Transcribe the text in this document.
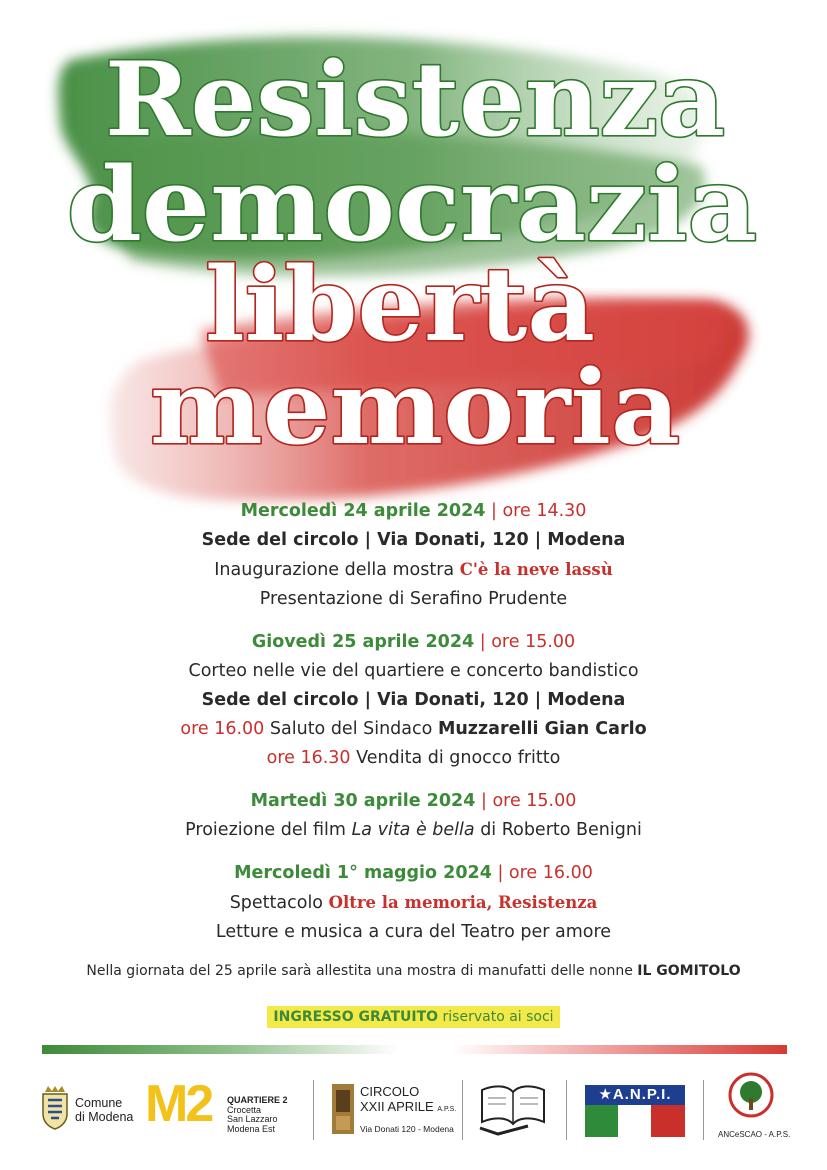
Resistenza
democrazia
libertà
memoria
Mercoledì 24 aprile 2024 | ore 14.30
Sede del circolo | Via Donati, 120 | Modena
Inaugurazione della mostra C'è la neve lassù
Presentazione di Serafino Prudente
Giovedì 25 aprile 2024 | ore 15.00
Corteo nelle vie del quartiere e concerto bandistico
Sede del circolo | Via Donati, 120 | Modena
ore 16.00 Saluto del Sindaco Muzzarelli Gian Carlo
ore 16.30 Vendita di gnocco fritto
Martedì 30 aprile 2024 | ore 15.00
Proiezione del film La vita è bella di Roberto Benigni
Mercoledì 1° maggio 2024 | ore 16.00
Spettacolo Oltre la memoria, Resistenza
Letture e musica a cura del Teatro per amore
Nella giornata del 25 aprile sarà allestita una mostra di manufatti delle nonne IL GOMITOLO
INGRESSO GRATUITO riservato ai soci
Comune
di Modena M2 QUARTIERE 2
Crocetta
San Lazzaro
Modena Est
CIRCOLO
XXII APRILE A.P.S.
Via Donati 120 - Modena
★A.N.P.I.
ANCeSCAO - A.P.S.
